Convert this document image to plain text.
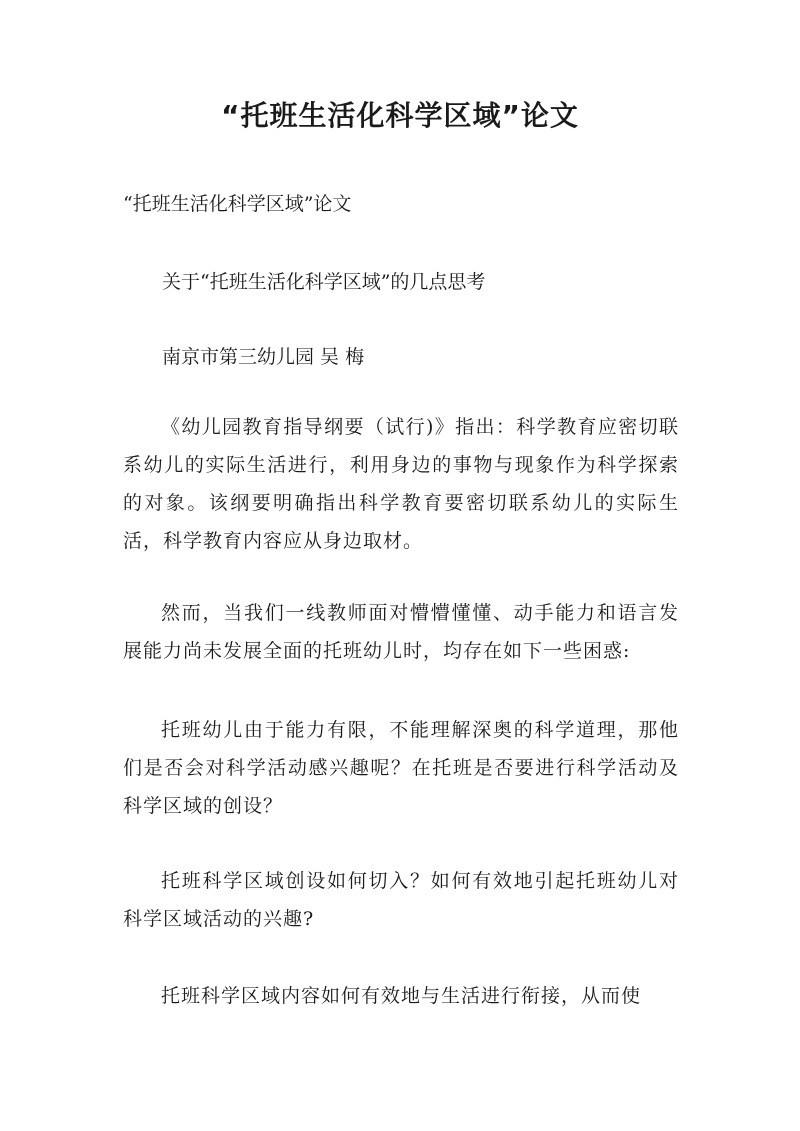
“托班生活化科学区域”论文
“托班生活化科学区域”论文
关于“托班生活化科学区域”的几点思考
南京市第三幼儿园 吴 梅
《幼儿园教育指导纲要（试行)》指出：科学教育应密切联系幼儿的实际生活进行，利用身边的事物与现象作为科学探索的对象。该纲要明确指出科学教育要密切联系幼儿的实际生活，科学教育内容应从身边取材。
然而，当我们一线教师面对懵懵懂懂、动手能力和语言发展能力尚未发展全面的托班幼儿时，均存在如下一些困惑:
托班幼儿由于能力有限，不能理解深奥的科学道理，那他们是否会对科学活动感兴趣呢？在托班是否要进行科学活动及科学区域的创设？
托班科学区域创设如何切入？如何有效地引起托班幼儿对科学区域活动的兴趣?
托班科学区域内容如何有效地与生活进行衔接，从而使
